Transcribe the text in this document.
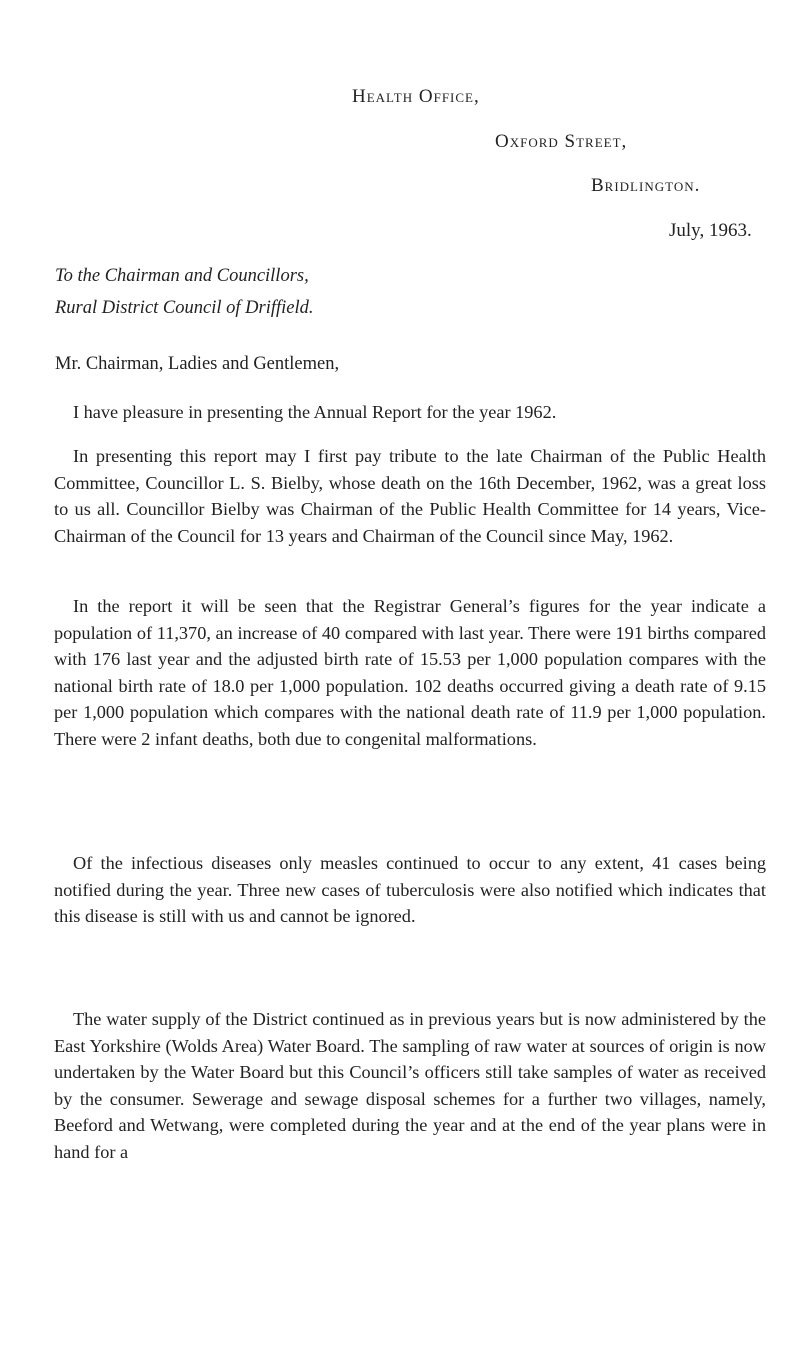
Health Office,
Oxford Street,
Bridlington.
July, 1963.
To the Chairman and Councillors,
Rural District Council of Driffield.
Mr. Chairman, Ladies and Gentlemen,

I have pleasure in presenting the Annual Report for the year 1962.

In presenting this report may I first pay tribute to the late Chairman of the Public Health Committee, Councillor L. S. Bielby, whose death on the 16th December, 1962, was a great loss to us all. Councillor Bielby was Chairman of the Public Health Committee for 14 years, Vice-Chairman of the Council for 13 years and Chairman of the Council since May, 1962.

In the report it will be seen that the Registrar General’s figures for the year indicate a population of 11,370, an increase of 40 compared with last year. There were 191 births compared with 176 last year and the adjusted birth rate of 15.53 per 1,000 population compares with the national birth rate of 18.0 per 1,000 population. 102 deaths occurred giving a death rate of 9.15 per 1,000 population which compares with the national death rate of 11.9 per 1,000 population. There were 2 infant deaths, both due to congenital malformations.

Of the infectious diseases only measles continued to occur to any extent, 41 cases being notified during the year. Three new cases of tuberculosis were also notified which indicates that this disease is still with us and cannot be ignored.

The water supply of the District continued as in previous years but is now administered by the East Yorkshire (Wolds Area) Water Board. The sampling of raw water at sources of origin is now undertaken by the Water Board but this Council’s officers still take samples of water as received by the consumer. Sewerage and sewage disposal schemes for a further two villages, namely, Beeford and Wetwang, were completed during the year and at the end of the year plans were in hand for a
